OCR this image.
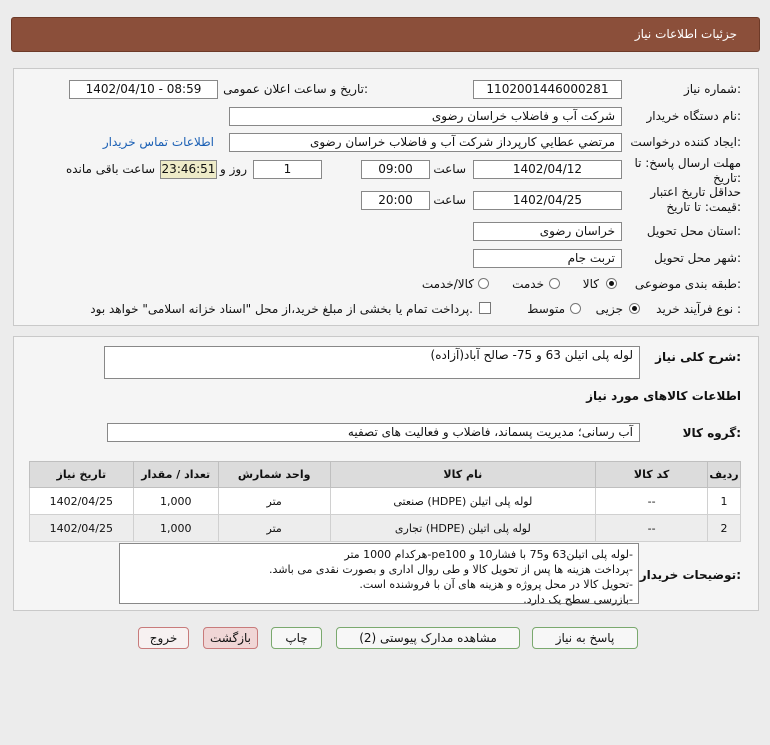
جزئیات اطلاعات نیاز
شماره نیاز:
1102001446000281
تاریخ و ساعت اعلان عمومی:
1402/04/10 - 08:59
نام دستگاه خریدار:
شرکت آب و فاضلاب خراسان رضوی
ایجاد کننده درخواست:
مرتضي عطايي کارپرداز شرکت آب و فاضلاب خراسان رضوی
اطلاعات تماس خریدار
مهلت ارسال پاسخ: تا تاریخ:
1402/04/12
ساعت
09:00
1
روز و
23:46:51
ساعت باقی مانده
حداقل تاریخ اعتبار قیمت: تا تاریخ:
1402/04/25
ساعت
20:00
استان محل تحویل:
خراسان رضوی
شهر محل تحویل:
تربت جام
طبقه بندی موضوعی:
کالا
خدمت
کالا/خدمت
نوع فرآیند خرید :
جزیی
متوسط
پرداخت تمام یا بخشی از مبلغ خرید،از محل "اسناد خزانه اسلامی" خواهد بود.
شرح کلی نیاز:
لوله پلی اتیلن 63 و 75- صالح آباد(آزاده)
اطلاعات کالاهای مورد نیاز
گروه کالا:
آب رسانی؛ مدیریت پسماند، فاضلاب و فعالیت های تصفیه
ردیف	کد کالا	نام کالا	واحد شمارش	تعداد / مقدار	تاریخ نیاز
1	--	لوله پلی اتیلن (HDPE) صنعتی	متر	1,000	1402/04/25
2	--	لوله پلی اتیلن (HDPE) تجاری	متر	1,000	1402/04/25
توضیحات خریدار:
-لوله پلی اتیلن63 و75 با فشار10 و pe100-هرکدام 1000 متر
-پرداخت هزینه ها پس از تحویل کالا و طی روال اداری و بصورت نقدی می باشد.
-تحویل کالا در محل پروژه و هزینه های آن با فروشنده است.
-بازرسی سطح یک دارد.
پاسخ به نیاز
مشاهده مدارک پیوستی (2)
چاپ
بازگشت
خروج
